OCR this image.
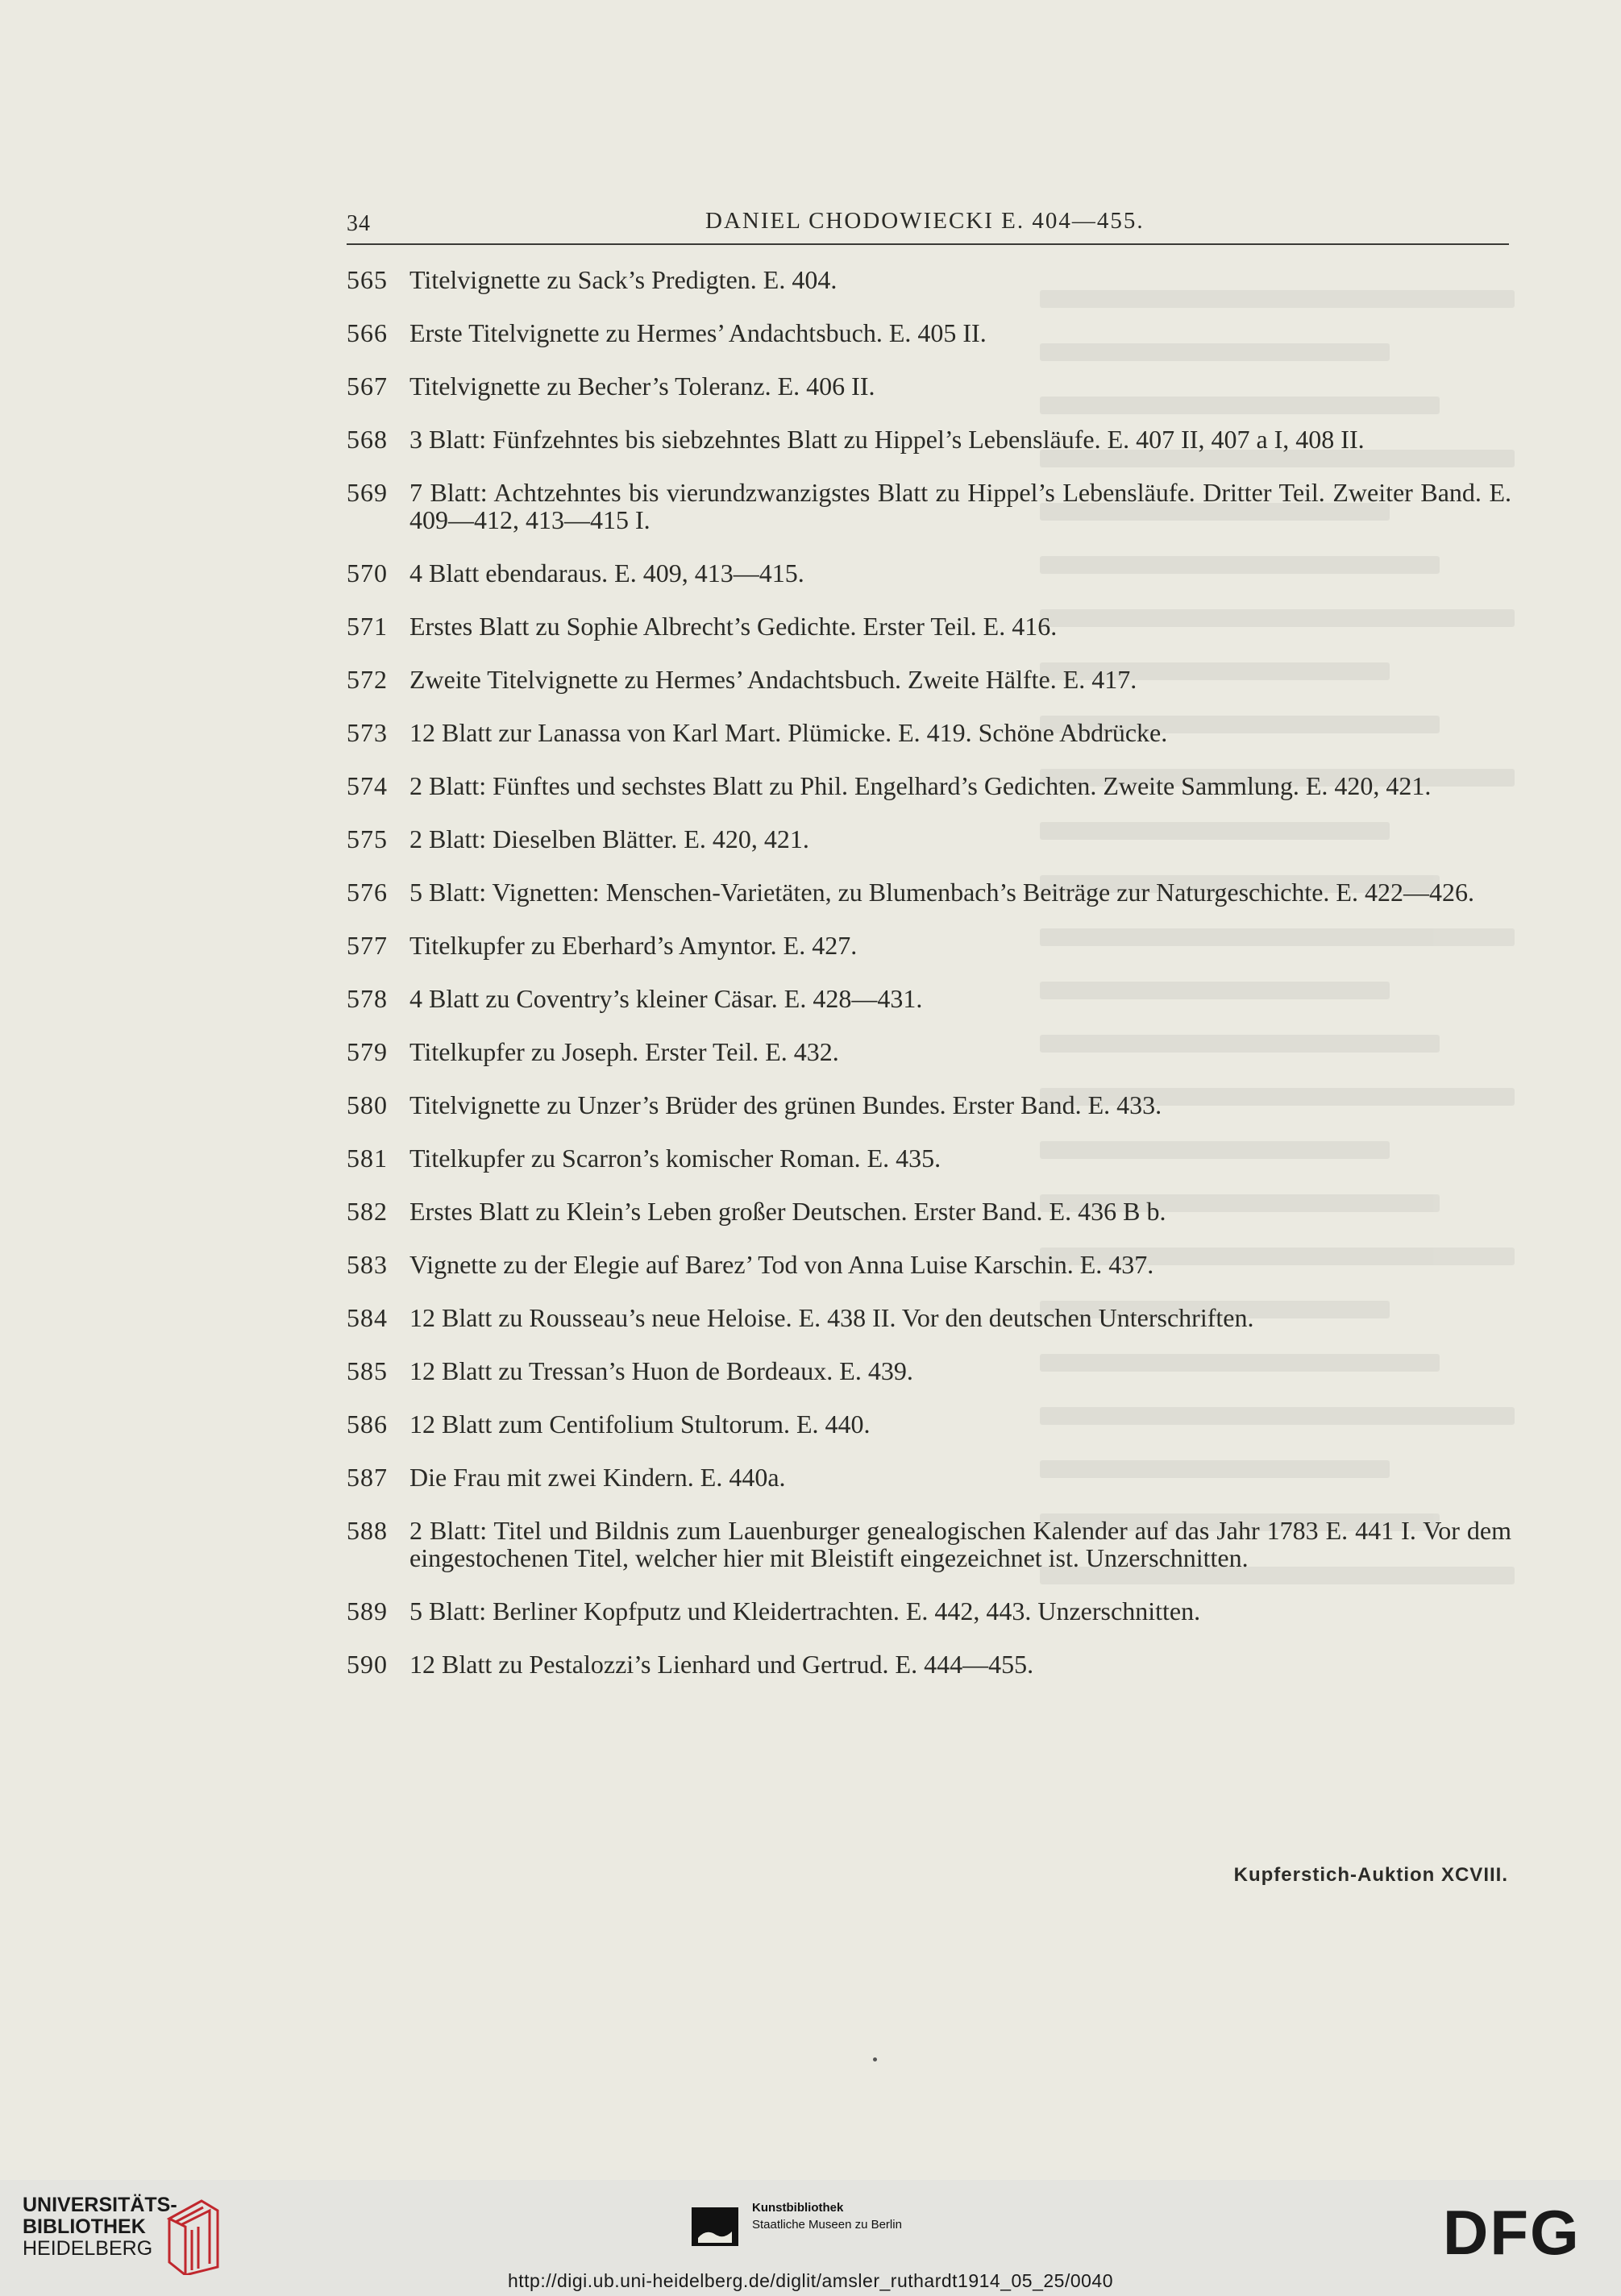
34	DANIEL CHODOWIECKI E. 404—455.
565 Titelvignette zu Sack’s Predigten. E. 404.
566 Erste Titelvignette zu Hermes’ Andachtsbuch. E. 405 II.
567 Titelvignette zu Becher’s Toleranz. E. 406 II.
568 3 Blatt: Fünfzehntes bis siebzehntes Blatt zu Hippel’s Lebensläufe. E. 407 II, 407 a I, 408 II.
569 7 Blatt: Achtzehntes bis vierundzwanzigstes Blatt zu Hippel’s Lebensläufe. Dritter Teil. Zweiter Band. E. 409—412, 413—415 I.
570 4 Blatt ebendaraus. E. 409, 413—415.
571 Erstes Blatt zu Sophie Albrecht’s Gedichte. Erster Teil. E. 416.
572 Zweite Titelvignette zu Hermes’ Andachtsbuch. Zweite Hälfte. E. 417.
573 12 Blatt zur Lanassa von Karl Mart. Plümicke. E. 419. Schöne Abdrücke.
574 2 Blatt: Fünftes und sechstes Blatt zu Phil. Engelhard’s Gedichten. Zweite Sammlung. E. 420, 421.
575 2 Blatt: Dieselben Blätter. E. 420, 421.
576 5 Blatt: Vignetten: Menschen-Varietäten, zu Blumenbach’s Beiträge zur Naturgeschichte. E. 422—426.
577 Titelkupfer zu Eberhard’s Amyntor. E. 427.
578 4 Blatt zu Coventry’s kleiner Cäsar. E. 428—431.
579 Titelkupfer zu Joseph. Erster Teil. E. 432.
580 Titelvignette zu Unzer’s Brüder des grünen Bundes. Erster Band. E. 433.
581 Titelkupfer zu Scarron’s komischer Roman. E. 435.
582 Erstes Blatt zu Klein’s Leben großer Deutschen. Erster Band. E. 436 B b.
583 Vignette zu der Elegie auf Barez’ Tod von Anna Luise Karschin. E. 437.
584 12 Blatt zu Rousseau’s neue Heloise. E. 438 II. Vor den deutschen Unterschriften.
585 12 Blatt zu Tressan’s Huon de Bordeaux. E. 439.
586 12 Blatt zum Centifolium Stultorum. E. 440.
587 Die Frau mit zwei Kindern. E. 440a.
588 2 Blatt: Titel und Bildnis zum Lauenburger genealogischen Kalender auf das Jahr 1783 E. 441 I. Vor dem eingestochenen Titel, welcher hier mit Bleistift eingezeichnet ist. Unzerschnitten.
589 5 Blatt: Berliner Kopfputz und Kleidertrachten. E. 442, 443. Unzerschnitten.
590 12 Blatt zu Pestalozzi’s Lienhard und Gertrud. E. 444—455.
Kupferstich-Auktion XCVIII.
UNIVERSITÄTS-
BIBLIOTHEK
HEIDELBERG
Kunstbibliothek
Staatliche Museen zu Berlin	DFG
http://digi.ub.uni-heidelberg.de/diglit/amsler_ruthardt1914_05_25/0040
